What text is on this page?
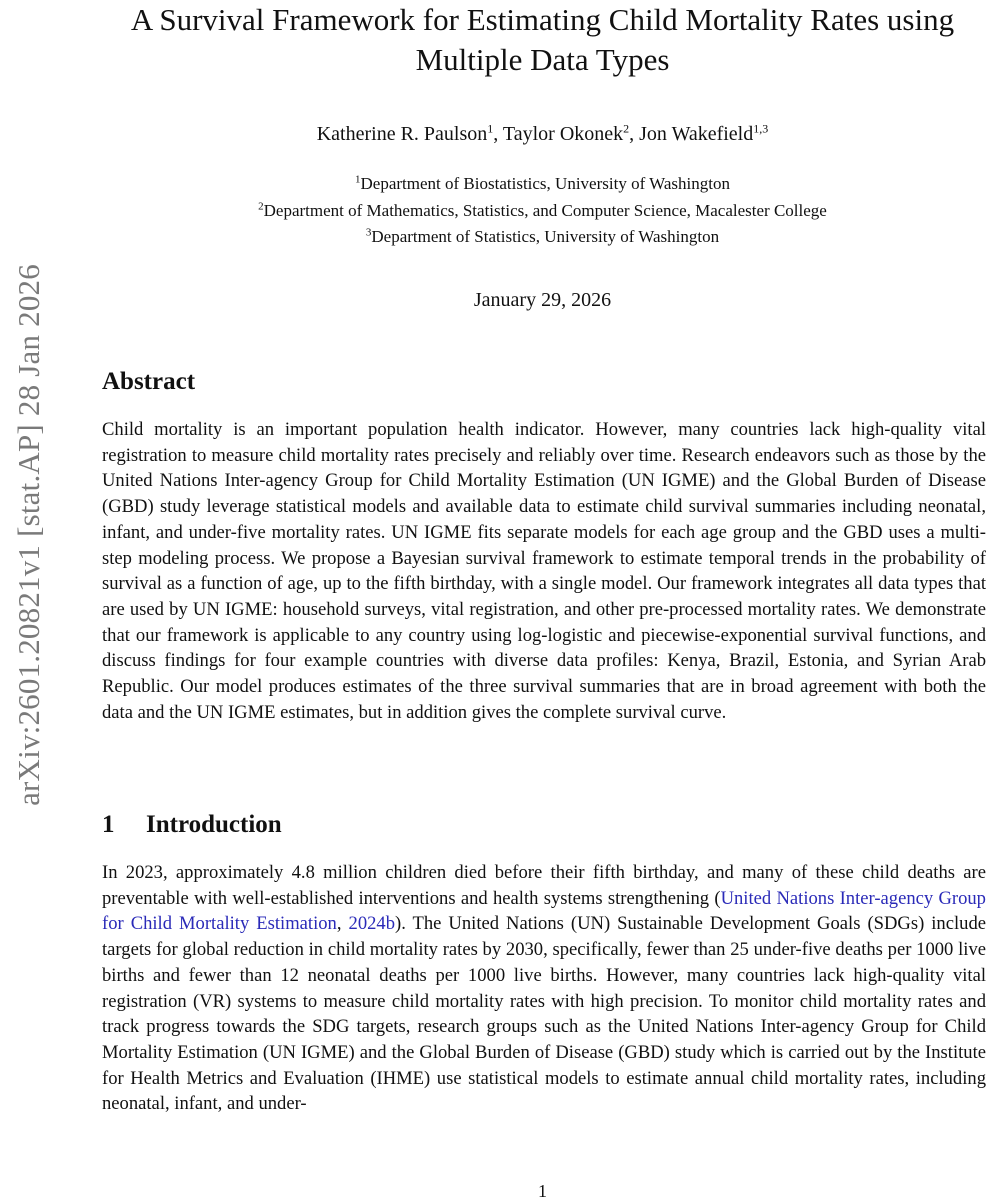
arXiv:2601.20821v1 [stat.AP] 28 Jan 2026
A Survival Framework for Estimating Child Mortality Rates using
Multiple Data Types
Katherine R. Paulson$^1$, Taylor Okonek$^2$, Jon Wakefield$^{1,3}$
$^1$Department of Biostatistics, University of Washington
$^2$Department of Mathematics, Statistics, and Computer Science, Macalester College
$^3$Department of Statistics, University of Washington
January 29, 2026
Abstract

Child mortality is an important population health indicator. However, many countries lack high-quality vital registration to measure child mortality rates precisely and reliably over time. Research endeavors such as those by the United Nations Inter-agency Group for Child Mortality Estimation (UN IGME) and the Global Burden of Disease (GBD) study leverage statistical models and available data to estimate child survival summaries including neonatal, infant, and under-five mortality rates. UN IGME fits separate models for each age group and the GBD uses a multi-step modeling process. We propose a Bayesian survival framework to estimate temporal trends in the probability of survival as a function of age, up to the fifth birthday, with a single model. Our framework integrates all data types that are used by UN IGME: household surveys, vital registration, and other pre-processed mortality rates. We demonstrate that our framework is applicable to any country using log-logistic and piecewise-exponential survival functions, and discuss findings for four example countries with diverse data profiles: Kenya, Brazil, Estonia, and Syrian Arab Republic. Our model produces estimates of the three survival summaries that are in broad agreement with both the data and the UN IGME estimates, but in addition gives the complete survival curve.

1 Introduction

In 2023, approximately 4.8 million children died before their fifth birthday, and many of these child deaths are preventable with well-established interventions and health systems strengthening (United Nations Inter-agency Group for Child Mortality Estimation, 2024b). The United Nations (UN) Sustainable Development Goals (SDGs) include targets for global reduction in child mortality rates by 2030, specifically, fewer than 25 under-five deaths per 1000 live births and fewer than 12 neonatal deaths per 1000 live births. However, many countries lack high-quality vital registration (VR) systems to measure child mortality rates with high precision. To monitor child mortality rates and track progress towards the SDG targets, research groups such as the United Nations Inter-agency Group for Child Mortality Estimation (UN IGME) and the Global Burden of Disease (GBD) study which is carried out by the Institute for Health Metrics and Evaluation (IHME) use statistical models to estimate annual child mortality rates, including neonatal, infant, and under-

1
